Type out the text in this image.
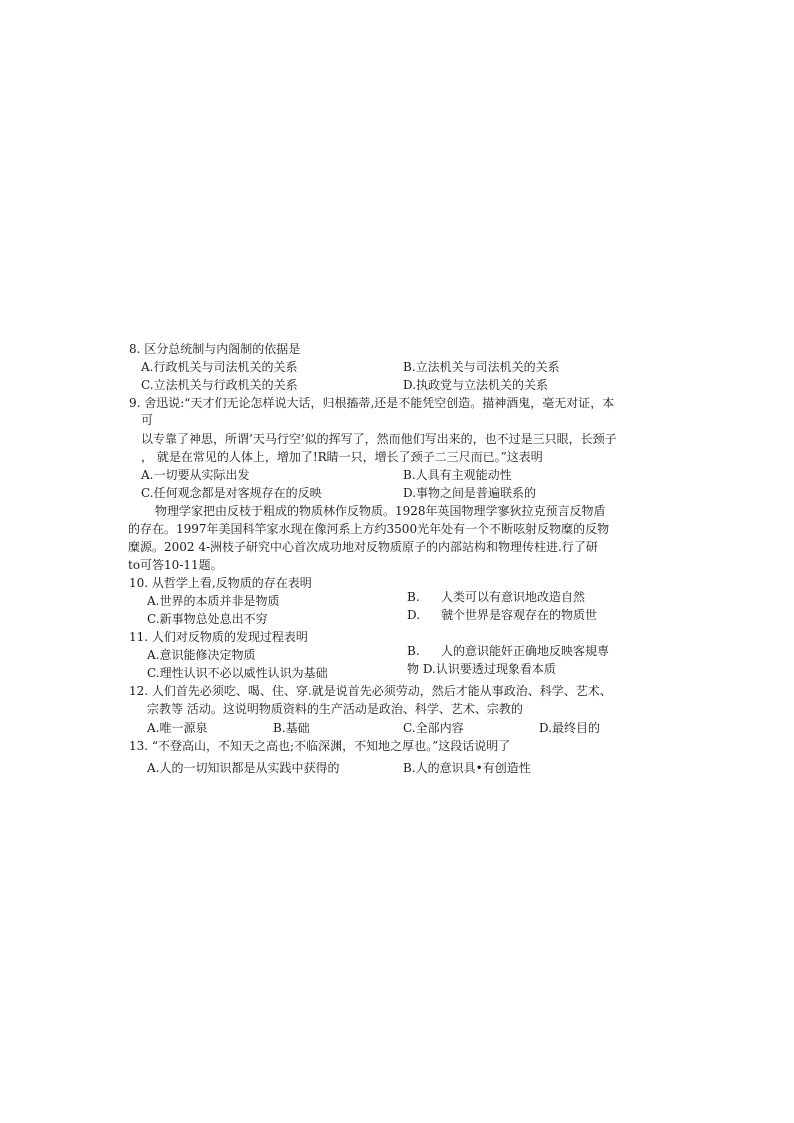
8. 区分总统制与内阁制的依据是
A.行政机关与司法机关的关系	B.立法机关与司法机关的关系
C.立法机关与行政机关的关系	D.执政党与立法机关的关系
9. 舍迅说:“天才们无论怎样说大话，归根搐蒂,还是不能凭空创造。描神酒鬼，毫无对证，本
可
以专靠了神思，所谓’天马行空’似的挥写了，然而他们写出来的，也不过是三只眼，长颈子
， 就是在常见的人体上，增加了!R睛一只，增长了颈子二三尺而已。”这表明
A.一切要从实际出发	B.人具有主观能动性
C.任何观念都是对客规存在的反映	D.事物之间是普遍联系的
物理学家把由反枝于粗成的物质林作反物质。1928年英国物理学寥狄拉克预言反物盾
的存在。1997年美国科竿家水现在像河系上方约3500光年处有一个不断呟射反物糜的反物
糜源。2002 4-洲枝子研究中心首次成功地对反物质原子的内部站构和物理传柱进.行了研
to可答10-11题。
10. 从哲学上看,反物质的存在表明
A.世界的本质并非是物质	B. 人类可以有意识地改造自然
C.新事物总处息出不穷	D. 虢个世界是容观存在的物质世
11. 人们对反物质的发现过程表明
A.意识能修决定物质	B. 人的意识能奸正确地反映客規専
C.理性认识不必以威性认识为基础	物 D.认识要透过现象看本质
12. 人们首先必须吃、喝、住、穿.就是说首先必须劳动，然后才能从事政治、科学、艺术、
宗教等 活动。这说明物质资料的生产活动是政治、科学、艺术、宗教的
A.唯一源泉	B.基础	C.全部内容	D.最终目的
13. “不登高山，不知天之高也;不临深渊，不知地之厚也。”这段话说明了
A.人的一切知识都是从实践中获得的	B.人的意识具•有创造性
